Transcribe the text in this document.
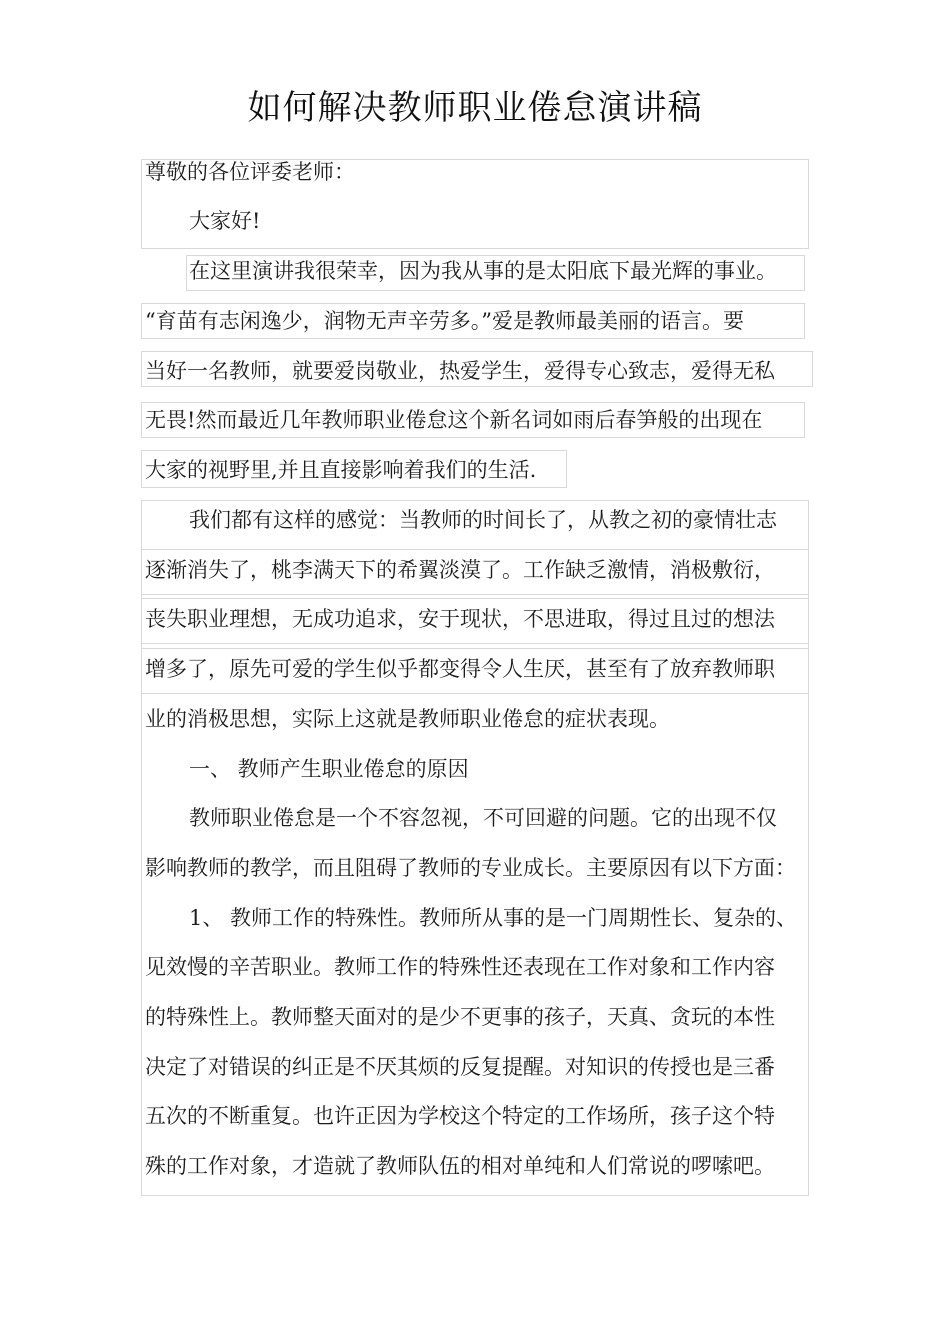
如何解决教师职业倦怠演讲稿
尊敬的各位评委老师：
大家好!
在这里演讲我很荣幸，因为我从事的是太阳底下最光辉的事业。
“育苗有志闲逸少，润物无声辛劳多。”爱是教师最美丽的语言。要
当好一名教师，就要爱岗敬业，热爱学生，爱得专心致志，爱得无私
无畏!然而最近几年教师职业倦怠这个新名词如雨后春笋般的出现在
大家的视野里,并且直接影响着我们的生活.
我们都有这样的感觉：当教师的时间长了，从教之初的豪情壮志
逐渐消失了，桃李满天下的希翼淡漠了。工作缺乏激情，消极敷衍，
丧失职业理想，无成功追求，安于现状，不思进取，得过且过的想法
增多了，原先可爱的学生似乎都变得令人生厌，甚至有了放弃教师职
业的消极思想，实际上这就是教师职业倦怠的症状表现。
一、 教师产生职业倦怠的原因
教师职业倦怠是一个不容忽视，不可回避的问题。它的出现不仅
影响教师的教学，而且阻碍了教师的专业成长。主要原因有以下方面：
1、 教师工作的特殊性。教师所从事的是一门周期性长、复杂的、
见效慢的辛苦职业。教师工作的特殊性还表现在工作对象和工作内容
的特殊性上。教师整天面对的是少不更事的孩子，天真、贪玩的本性
决定了对错误的纠正是不厌其烦的反复提醒。对知识的传授也是三番
五次的不断重复。也许正因为学校这个特定的工作场所，孩子这个特
殊的工作对象，才造就了教师队伍的相对单纯和人们常说的啰嗦吧。
